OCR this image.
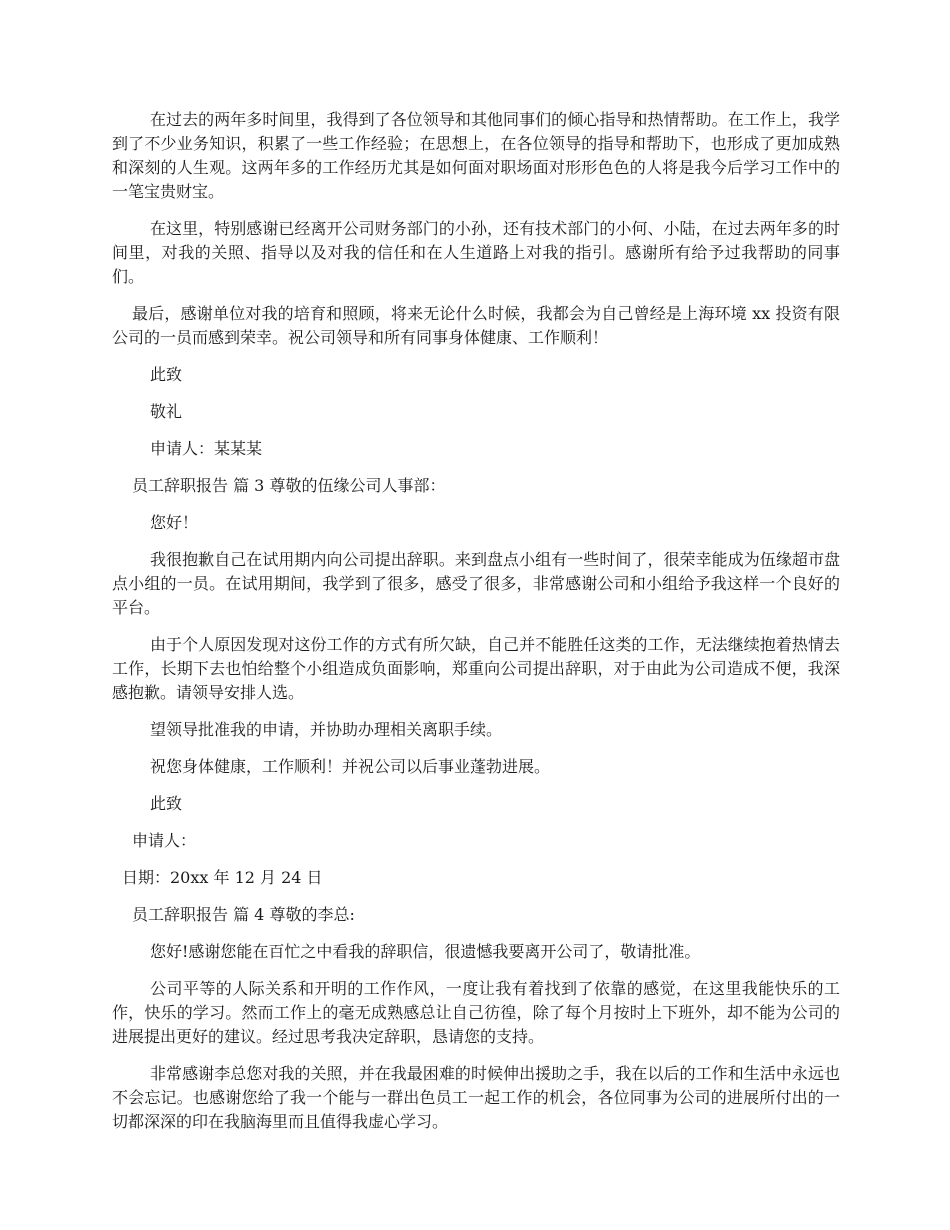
在过去的两年多时间里，我得到了各位领导和其他同事们的倾心指导和热情帮助。在工作上，我学到了不少业务知识，积累了一些工作经验；在思想上，在各位领导的指导和帮助下，也形成了更加成熟和深刻的人生观。这两年多的工作经历尤其是如何面对职场面对形形色色的人将是我今后学习工作中的一笔宝贵财宝。

在这里，特别感谢已经离开公司财务部门的小孙，还有技术部门的小何、小陆，在过去两年多的时间里，对我的关照、指导以及对我的信任和在人生道路上对我的指引。感谢所有给予过我帮助的同事们。

最后，感谢单位对我的培育和照顾，将来无论什么时候，我都会为自己曾经是上海环境 xx 投资有限公司的一员而感到荣幸。祝公司领导和所有同事身体健康、工作顺利！

此致

敬礼

申请人：某某某

员工辞职报告 篇 3 尊敬的伍缘公司人事部：

您好！

我很抱歉自己在试用期内向公司提出辞职。来到盘点小组有一些时间了，很荣幸能成为伍缘超市盘点小组的一员。在试用期间，我学到了很多，感受了很多，非常感谢公司和小组给予我这样一个良好的平台。

由于个人原因发现对这份工作的方式有所欠缺，自己并不能胜任这类的工作，无法继续抱着热情去工作，长期下去也怕给整个小组造成负面影响，郑重向公司提出辞职，对于由此为公司造成不便，我深感抱歉。请领导安排人选。

望领导批准我的申请，并协助办理相关离职手续。

祝您身体健康，工作顺利！并祝公司以后事业蓬勃进展。

此致

申请人：

日期：20xx 年 12 月 24 日

员工辞职报告 篇 4 尊敬的李总:

您好!感谢您能在百忙之中看我的辞职信，很遗憾我要离开公司了，敬请批准。

公司平等的人际关系和开明的工作作风，一度让我有着找到了依靠的感觉，在这里我能快乐的工作，快乐的学习。然而工作上的毫无成熟感总让自己彷徨，除了每个月按时上下班外，却不能为公司的进展提出更好的建议。经过思考我决定辞职，恳请您的支持。

非常感谢李总您对我的关照，并在我最困难的时候伸出援助之手，我在以后的工作和生活中永远也不会忘记。也感谢您给了我一个能与一群出色员工一起工作的机会，各位同事为公司的进展所付出的一切都深深的印在我脑海里而且值得我虚心学习。
